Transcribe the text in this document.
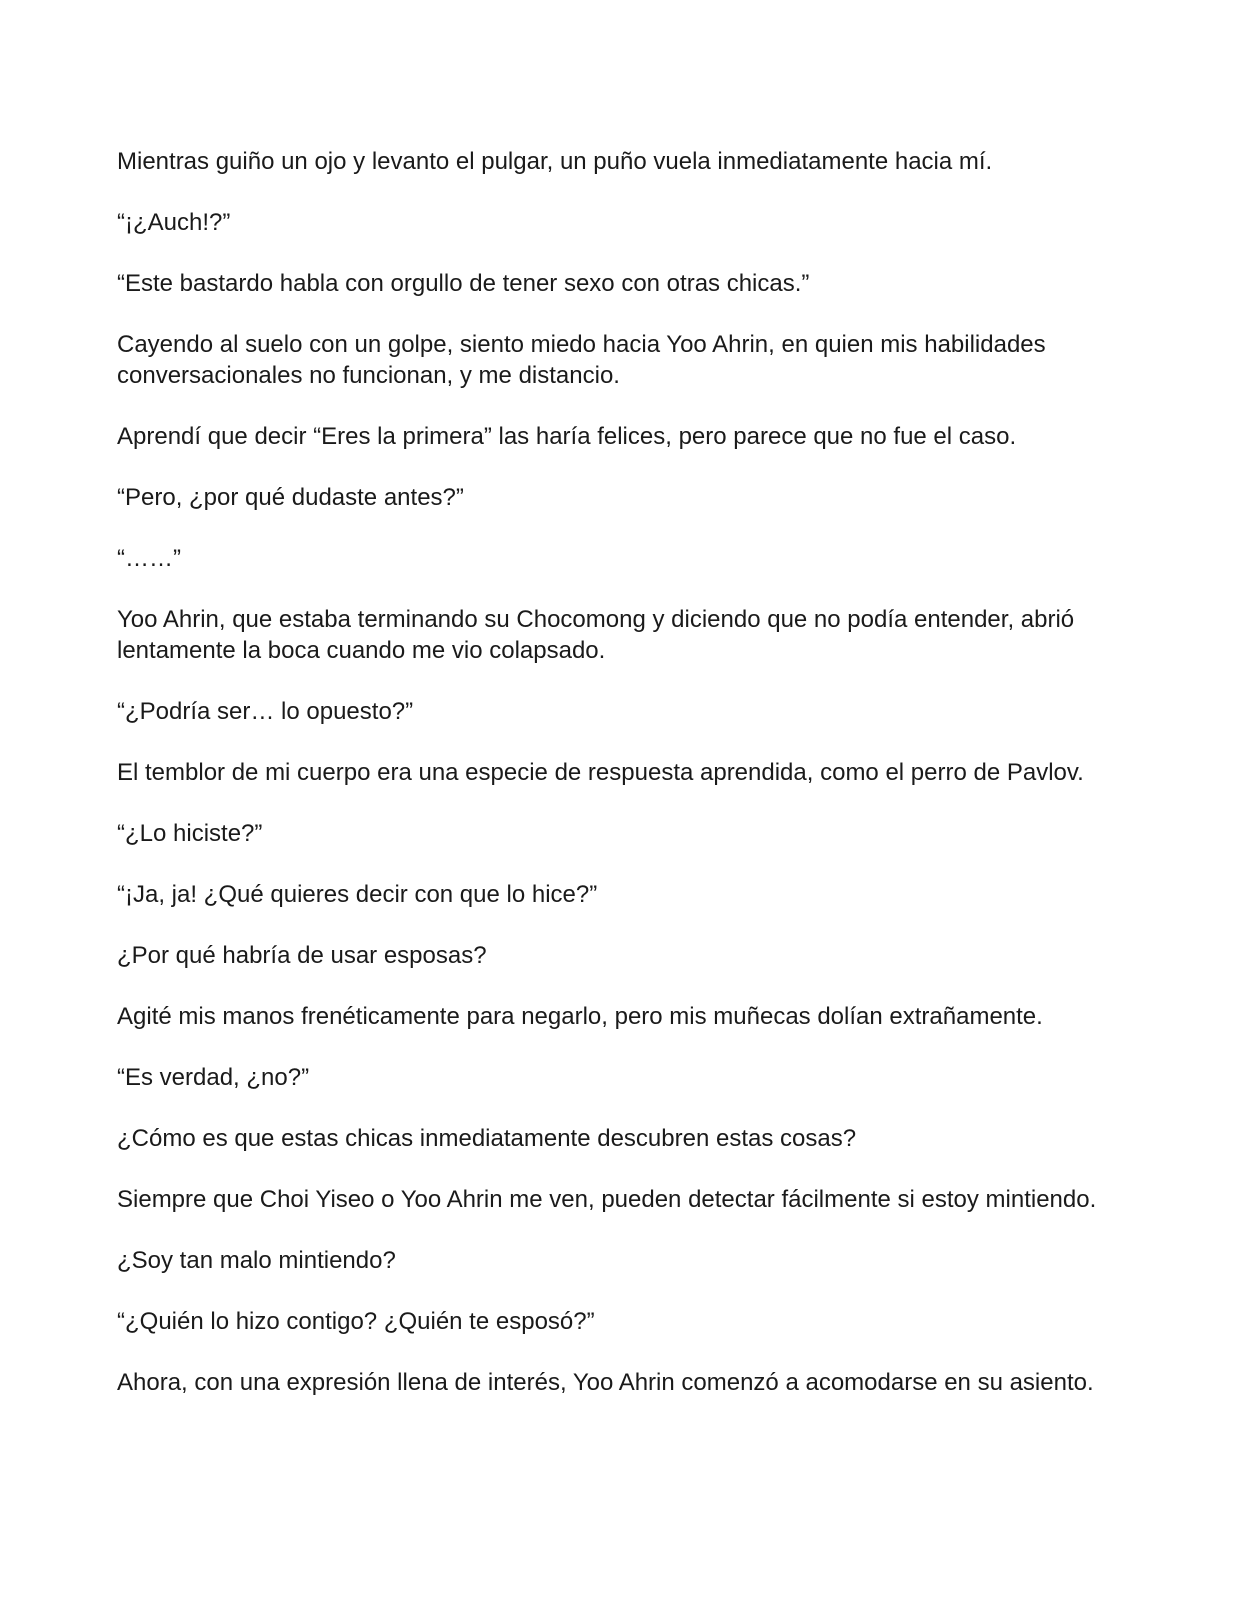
Mientras guiño un ojo y levanto el pulgar, un puño vuela inmediatamente hacia mí.

“¡¿Auch!?”

“Este bastardo habla con orgullo de tener sexo con otras chicas.”

Cayendo al suelo con un golpe, siento miedo hacia Yoo Ahrin, en quien mis habilidades conversacionales no funcionan, y me distancio.

Aprendí que decir “Eres la primera” las haría felices, pero parece que no fue el caso.

“Pero, ¿por qué dudaste antes?”

“……”

Yoo Ahrin, que estaba terminando su Chocomong y diciendo que no podía entender, abrió lentamente la boca cuando me vio colapsado.

“¿Podría ser… lo opuesto?”

El temblor de mi cuerpo era una especie de respuesta aprendida, como el perro de Pavlov.

“¿Lo hiciste?”

“¡Ja, ja! ¿Qué quieres decir con que lo hice?”

¿Por qué habría de usar esposas?

Agité mis manos frenéticamente para negarlo, pero mis muñecas dolían extrañamente.

“Es verdad, ¿no?”

¿Cómo es que estas chicas inmediatamente descubren estas cosas?

Siempre que Choi Yiseo o Yoo Ahrin me ven, pueden detectar fácilmente si estoy mintiendo.

¿Soy tan malo mintiendo?

“¿Quién lo hizo contigo? ¿Quién te esposó?”

Ahora, con una expresión llena de interés, Yoo Ahrin comenzó a acomodarse en su asiento.
